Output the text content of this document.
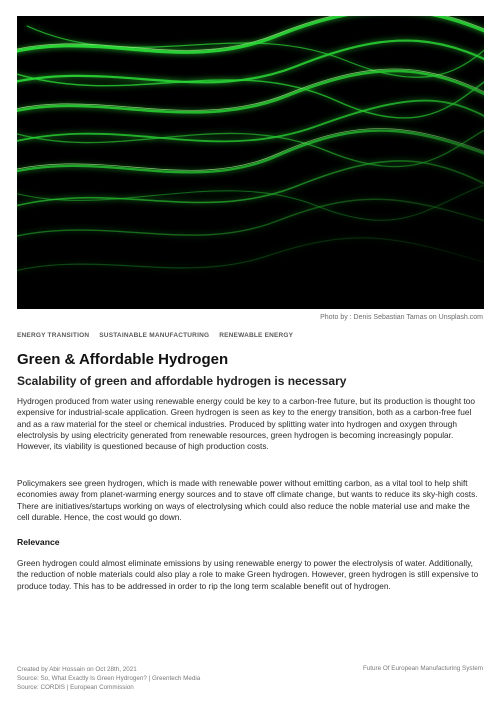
Photo by : Denis Sebastian Tamas on Unsplash.com
ENERGY TRANSITION SUSTAINABLE MANUFACTURING RENEWABLE ENERGY
Green & Affordable Hydrogen
Scalability of green and affordable hydrogen is necessary

Hydrogen produced from water using renewable energy could be key to a carbon-free future, but its production is thought too expensive for industrial-scale application. Green hydrogen is seen as key to the energy transition, both as a carbon-free fuel and as a raw material for the steel or chemical industries. Produced by splitting water into hydrogen and oxygen through electrolysis by using electricity generated from renewable resources, green hydrogen is becoming increasingly popular. However, its viability is questioned because of high production costs.

Policymakers see green hydrogen, which is made with renewable power without emitting carbon, as a vital tool to help shift economies away from planet-warming energy sources and to stave off climate change, but wants to reduce its sky-high costs. There are initiatives/startups working on ways of electrolysing which could also reduce the noble material use and make the cell durable. Hence, the cost would go down.

Relevance

Green hydrogen could almost eliminate emissions by using renewable energy to power the electrolysis of water. Additionally, the reduction of noble materials could also play a role to make Green hydrogen. However, green hydrogen is still expensive to produce today. This has to be addressed in order to rip the long term scalable benefit out of hydrogen.

Created by Abir Hossain on Oct 28th, 2021
Source: So, What Exactly Is Green Hydrogen? | Greentech Media
Source: CORDIS | European Commission
Future Of European Manufacturing System
